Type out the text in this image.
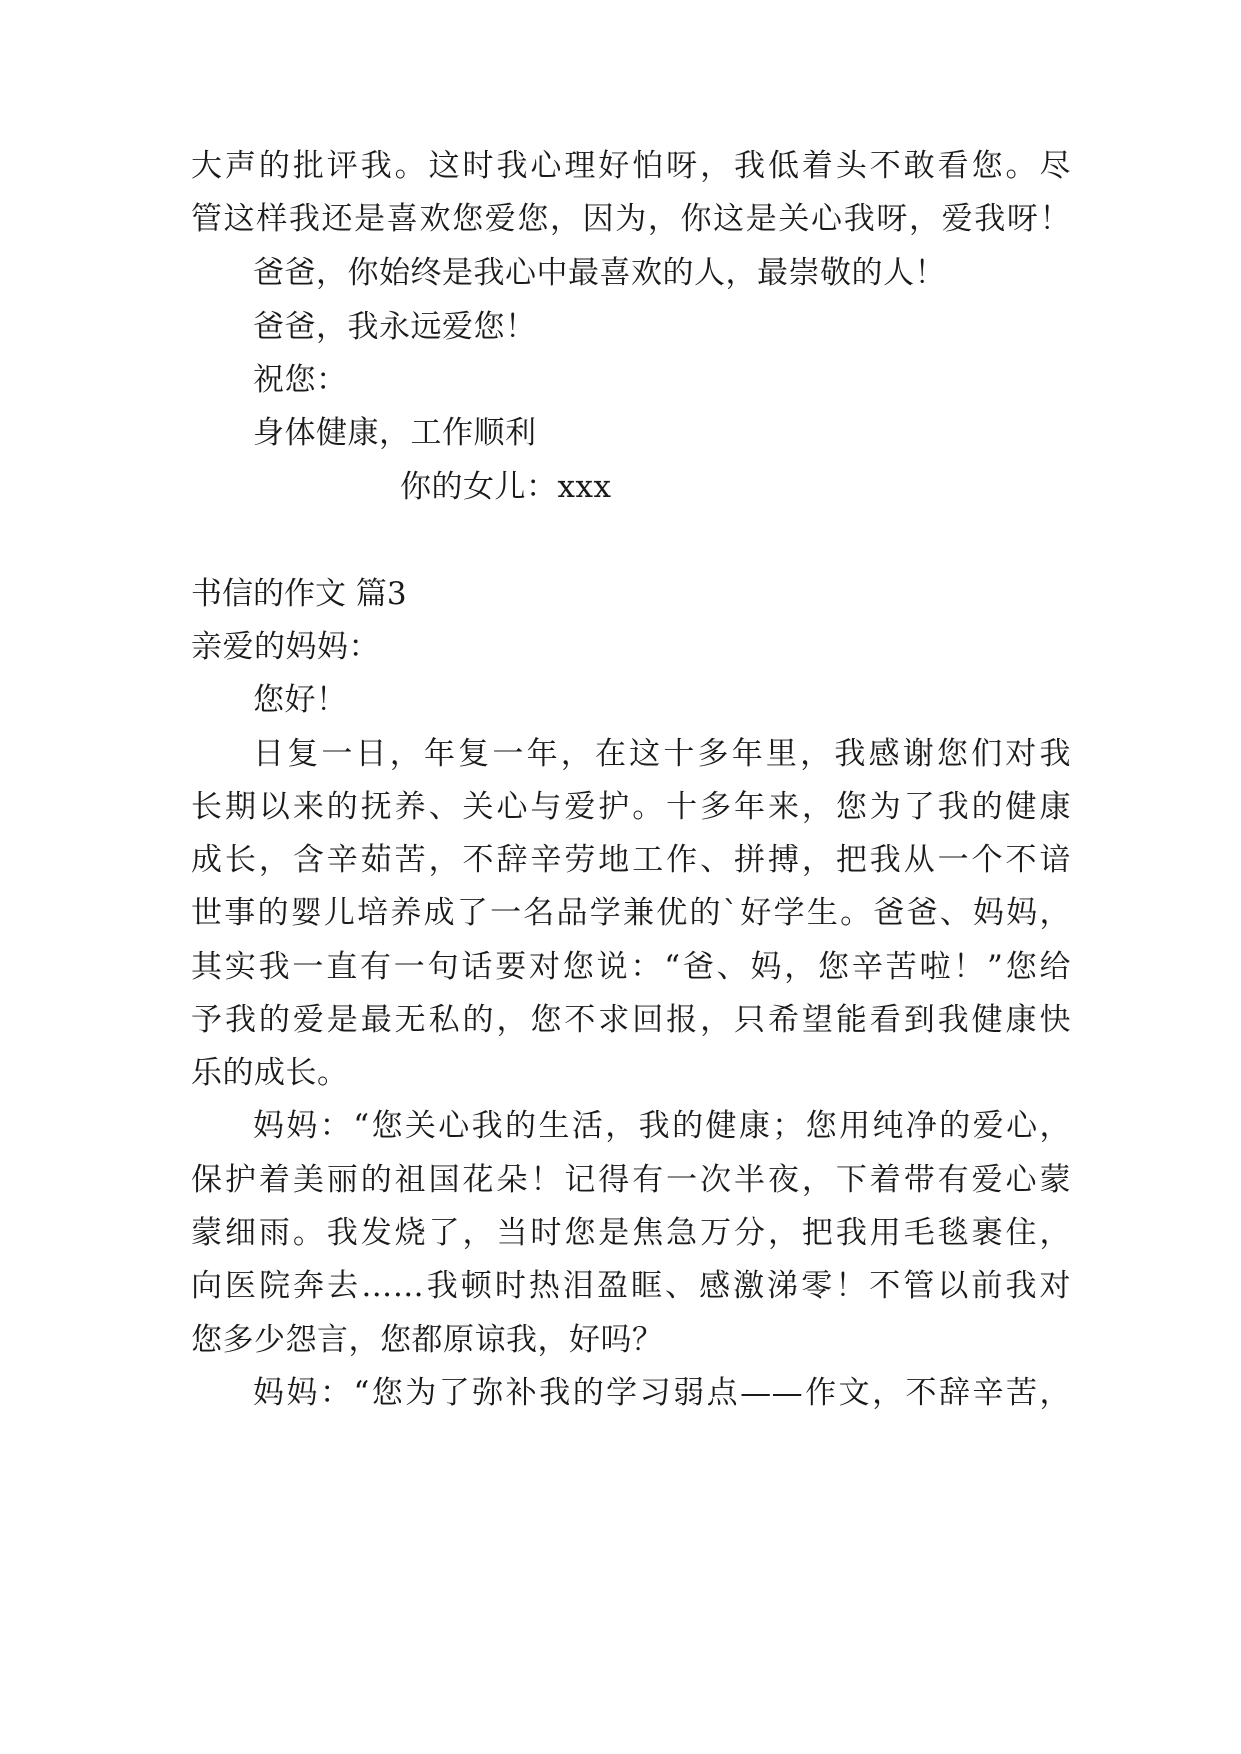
大声的批评我。这时我心理好怕呀，我低着头不敢看您。尽
管这样我还是喜欢您爱您，因为，你这是关心我呀，爱我呀！
爸爸，你始终是我心中最喜欢的人，最崇敬的人！
爸爸，我永远爱您！
祝您：
身体健康，工作顺利
你的女儿：xxx
书信的作文 篇3
亲爱的妈妈：
您好！
日复一日，年复一年，在这十多年里，我感谢您们对我
长期以来的抚养、关心与爱护。十多年来，您为了我的健康
成长，含辛茹苦，不辞辛劳地工作、拼搏，把我从一个不谙
世事的婴儿培养成了一名品学兼优的`好学生。爸爸、妈妈，
其实我一直有一句话要对您说：“爸、妈，您辛苦啦！”您给
予我的爱是最无私的，您不求回报，只希望能看到我健康快
乐的成长。
妈妈：“您关心我的生活，我的健康；您用纯净的爱心，
保护着美丽的祖国花朵！记得有一次半夜，下着带有爱心蒙
蒙细雨。我发烧了，当时您是焦急万分，把我用毛毯裹住，
向医院奔去……我顿时热泪盈眶、感激涕零！不管以前我对
您多少怨言，您都原谅我，好吗？
妈妈：“您为了弥补我的学习弱点——作文，不辞辛苦，
